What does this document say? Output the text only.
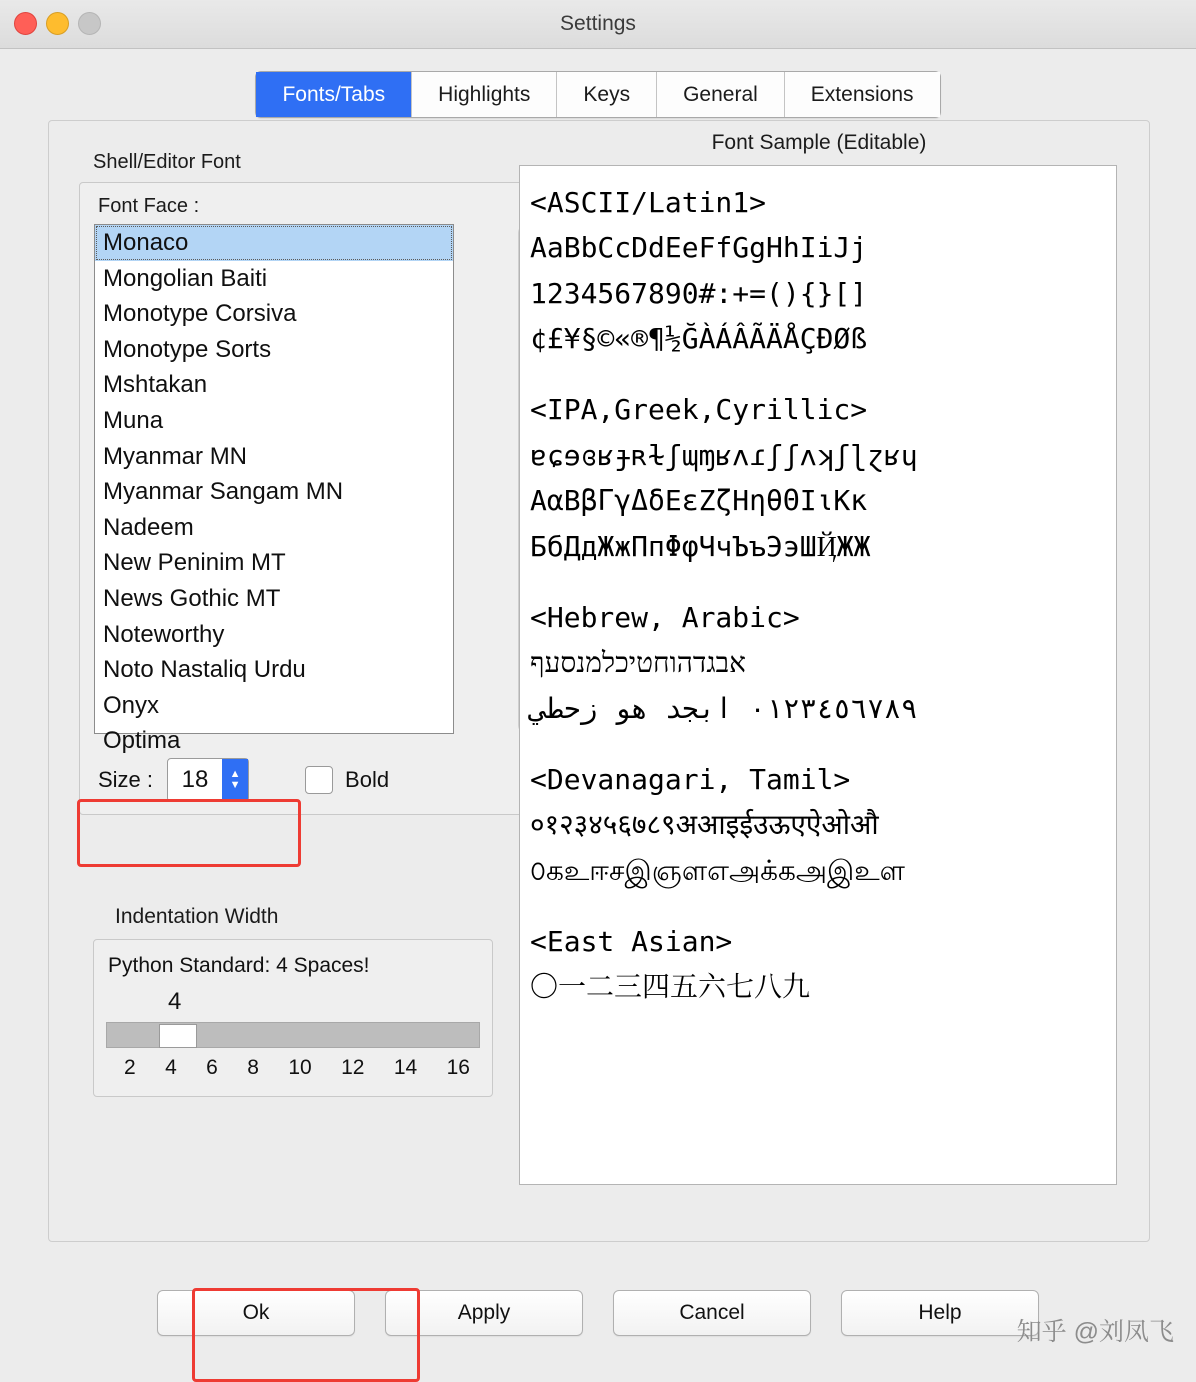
Settings
Fonts/Tabs	Highlights	Keys	General	Extensions
Shell/Editor Font
Font Face :
Monaco
Mongolian Baiti
Monotype Corsiva
Monotype Sorts
Mshtakan
Muna
Myanmar MN
Myanmar Sangam MN
Nadeem
New Peninim MT
News Gothic MT
Noteworthy
Noto Nastaliq Urdu
Onyx
Optima
Size :	18	▲
▼	Bold
Indentation Width
Python Standard: 4 Spaces!
4
2 4 6 8 10 12 14 16
Font Sample (Editable)
<ASCII/Latin1>
AaBbCcDdEeFfGgHhIiJj
1234567890#:+=(){}[]
¢£¥§©«®¶½ĞÀÁÂÃÄÅÇÐØß
<IPA,Greek,Cyrillic>
ɐɕɘɞʁɟʀɫʃɰɱʁʌɾʃʃʌʞʃɭɀʁɥ
AαBβΓγΔδEεZζHηθΘIιKκ
БбДдЖжПпΦφЧчЪъЭэШҊЖЖ
<Hebrew, Arabic>
אבגדהוחטיכלמנסעף
٠١٢٣٤٥٦٧٨٩ ابجد هو زحطي
<Devanagari, Tamil>
०१२३४५६७८९अआइईउऊएऐओऔ
௦கஉஈசஇஞளஎஅக்கஅஇஉள
<East Asian>
〇一二三四五六七八九
Ok	Apply	Cancel	Help
知乎 @刘凤飞
